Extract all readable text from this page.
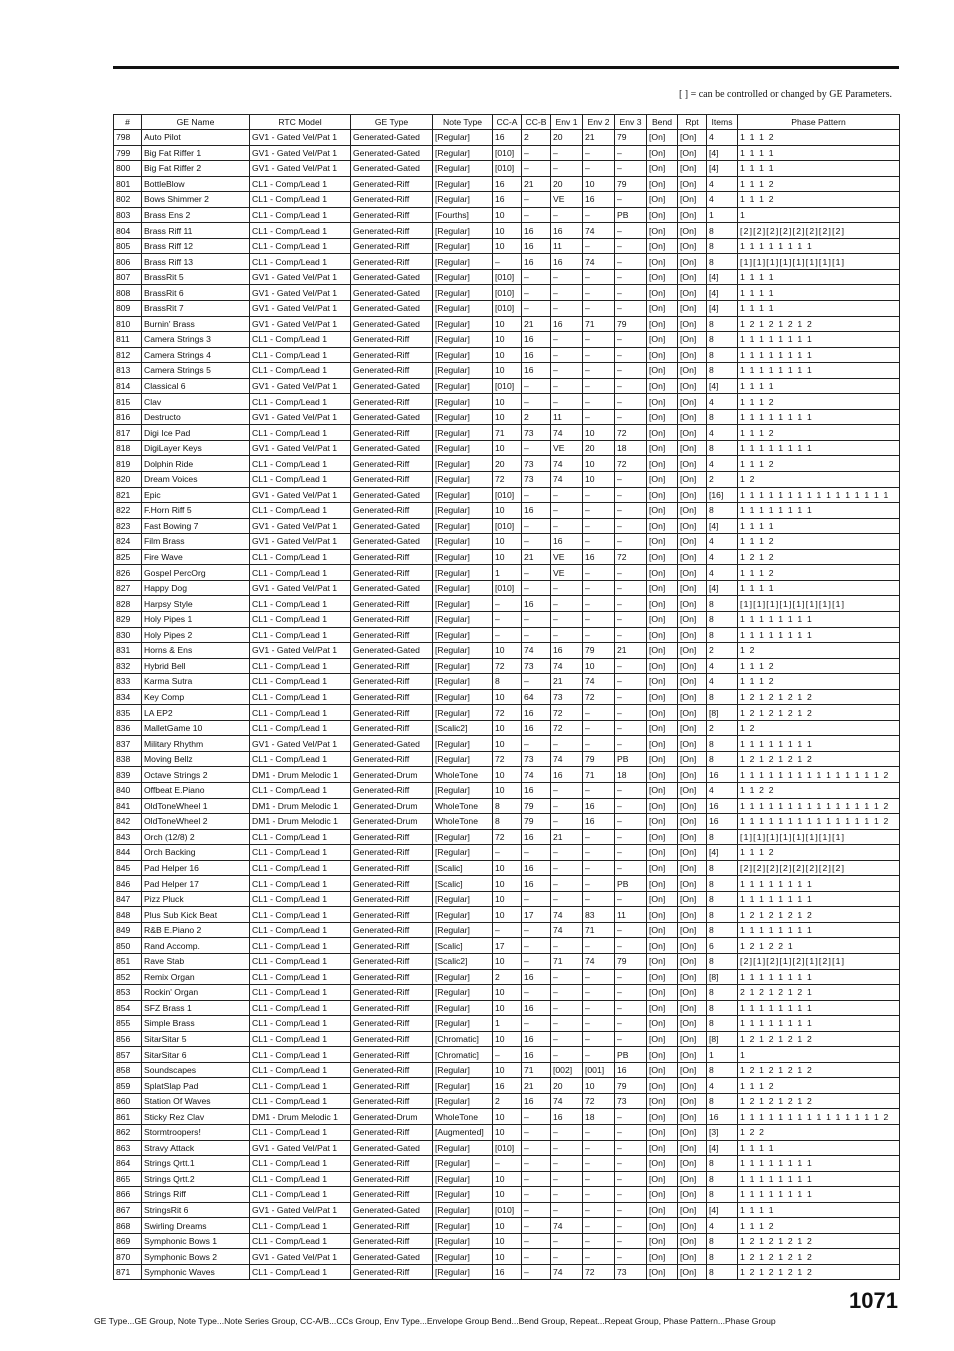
[ ] = can be controlled or changed by GE Parameters.
#	GE Name	RTC Model	GE Type	Note Type	CC-A	CC-B	Env 1	Env 2	Env 3	Bend	Rpt	Items	Phase Pattern
798	Auto Pilot	GV1 - Gated Vel/Pat 1	Generated-Gated	[Regular]	16	2	20	21	79	[On]	[On]	4	1 1 1 2
799	Big Fat Riffer 1	GV1 - Gated Vel/Pat 1	Generated-Gated	[Regular]	[010]	–	–	–	–	[On]	[On]	[4]	1 1 1 1
800	Big Fat Riffer 2	GV1 - Gated Vel/Pat 1	Generated-Gated	[Regular]	[010]	–	–	–	–	[On]	[On]	[4]	1 1 1 1
801	BottleBlow	CL1 - Comp/Lead 1	Generated-Riff	[Regular]	16	21	20	10	79	[On]	[On]	4	1 1 1 2
802	Bows Shimmer 2	CL1 - Comp/Lead 1	Generated-Riff	[Regular]	16	–	VE	16	–	[On]	[On]	4	1 1 1 2
803	Brass Ens 2	CL1 - Comp/Lead 1	Generated-Riff	[Fourths]	10	–	–	–	PB	[On]	[On]	1	1
804	Brass Riff 11	CL1 - Comp/Lead 1	Generated-Riff	[Regular]	10	16	16	74	–	[On]	[On]	8	[2][2][2][2][2][2][2][2]
805	Brass Riff 12	CL1 - Comp/Lead 1	Generated-Riff	[Regular]	10	16	11	–	–	[On]	[On]	8	1 1 1 1 1 1 1 1
806	Brass Riff 13	CL1 - Comp/Lead 1	Generated-Riff	[Regular]	–	16	16	74	–	[On]	[On]	8	[1][1][1][1][1][1][1][1]
807	BrassRit 5	GV1 - Gated Vel/Pat 1	Generated-Gated	[Regular]	[010]	–	–	–	–	[On]	[On]	[4]	1 1 1 1
808	BrassRit 6	GV1 - Gated Vel/Pat 1	Generated-Gated	[Regular]	[010]	–	–	–	–	[On]	[On]	[4]	1 1 1 1
809	BrassRit 7	GV1 - Gated Vel/Pat 1	Generated-Gated	[Regular]	[010]	–	–	–	–	[On]	[On]	[4]	1 1 1 1
810	Burnin' Brass	GV1 - Gated Vel/Pat 1	Generated-Gated	[Regular]	10	21	16	71	79	[On]	[On]	8	1 2 1 2 1 2 1 2
811	Camera Strings 3	CL1 - Comp/Lead 1	Generated-Riff	[Regular]	10	16	–	–	–	[On]	[On]	8	1 1 1 1 1 1 1 1
812	Camera Strings 4	CL1 - Comp/Lead 1	Generated-Riff	[Regular]	10	16	–	–	–	[On]	[On]	8	1 1 1 1 1 1 1 1
813	Camera Strings 5	CL1 - Comp/Lead 1	Generated-Riff	[Regular]	10	16	–	–	–	[On]	[On]	8	1 1 1 1 1 1 1 1
814	Classical 6	GV1 - Gated Vel/Pat 1	Generated-Gated	[Regular]	[010]	–	–	–	–	[On]	[On]	[4]	1 1 1 1
815	Clav	CL1 - Comp/Lead 1	Generated-Riff	[Regular]	10	–	–	–	–	[On]	[On]	4	1 1 1 2
816	Destructo	GV1 - Gated Vel/Pat 1	Generated-Gated	[Regular]	10	2	11	–	–	[On]	[On]	8	1 1 1 1 1 1 1 1
817	Digi Ice Pad	CL1 - Comp/Lead 1	Generated-Riff	[Regular]	71	73	74	10	72	[On]	[On]	4	1 1 1 2
818	DigiLayer Keys	GV1 - Gated Vel/Pat 1	Generated-Gated	[Regular]	10	–	VE	20	18	[On]	[On]	8	1 1 1 1 1 1 1 1
819	Dolphin Ride	CL1 - Comp/Lead 1	Generated-Riff	[Regular]	20	73	74	10	72	[On]	[On]	4	1 1 1 2
820	Dream Voices	CL1 - Comp/Lead 1	Generated-Riff	[Regular]	72	73	74	10	–	[On]	[On]	2	1 2
821	Epic	GV1 - Gated Vel/Pat 1	Generated-Gated	[Regular]	[010]	–	–	–	–	[On]	[On]	[16]	1 1 1 1 1 1 1 1 1 1 1 1 1 1 1 1
822	F.Horn Riff 5	CL1 - Comp/Lead 1	Generated-Riff	[Regular]	10	16	–	–	–	[On]	[On]	8	1 1 1 1 1 1 1 1
823	Fast Bowing 7	GV1 - Gated Vel/Pat 1	Generated-Gated	[Regular]	[010]	–	–	–	–	[On]	[On]	[4]	1 1 1 1
824	Film Brass	GV1 - Gated Vel/Pat 1	Generated-Gated	[Regular]	10	–	16	–	–	[On]	[On]	4	1 1 1 2
825	Fire Wave	CL1 - Comp/Lead 1	Generated-Riff	[Regular]	10	21	VE	16	72	[On]	[On]	4	1 2 1 2
826	Gospel PercOrg	CL1 - Comp/Lead 1	Generated-Riff	[Regular]	1	–	VE	–	–	[On]	[On]	4	1 1 1 2
827	Happy Dog	GV1 - Gated Vel/Pat 1	Generated-Gated	[Regular]	[010]	–	–	–	–	[On]	[On]	[4]	1 1 1 1
828	Harpsy Style	CL1 - Comp/Lead 1	Generated-Riff	[Regular]	–	16	–	–	–	[On]	[On]	8	[1][1][1][1][1][1][1][1]
829	Holy Pipes 1	CL1 - Comp/Lead 1	Generated-Riff	[Regular]	–	–	–	–	–	[On]	[On]	8	1 1 1 1 1 1 1 1
830	Holy Pipes 2	CL1 - Comp/Lead 1	Generated-Riff	[Regular]	–	–	–	–	–	[On]	[On]	8	1 1 1 1 1 1 1 1
831	Horns & Ens	GV1 - Gated Vel/Pat 1	Generated-Gated	[Regular]	10	74	16	79	21	[On]	[On]	2	1 2
832	Hybrid Bell	CL1 - Comp/Lead 1	Generated-Riff	[Regular]	72	73	74	10	–	[On]	[On]	4	1 1 1 2
833	Karma Sutra	CL1 - Comp/Lead 1	Generated-Riff	[Regular]	8	–	21	74	–	[On]	[On]	4	1 1 1 2
834	Key Comp	CL1 - Comp/Lead 1	Generated-Riff	[Regular]	10	64	73	72	–	[On]	[On]	8	1 2 1 2 1 2 1 2
835	LA EP2	CL1 - Comp/Lead 1	Generated-Riff	[Regular]	72	16	72	–	–	[On]	[On]	[8]	1 2 1 2 1 2 1 2
836	MalletGame 10	CL1 - Comp/Lead 1	Generated-Riff	[Scalic2]	10	16	72	–	–	[On]	[On]	2	1 2
837	Military Rhythm	GV1 - Gated Vel/Pat 1	Generated-Gated	[Regular]	10	–	–	–	–	[On]	[On]	8	1 1 1 1 1 1 1 1
838	Moving Bellz	CL1 - Comp/Lead 1	Generated-Riff	[Regular]	72	73	74	79	PB	[On]	[On]	8	1 2 1 2 1 2 1 2
839	Octave Strings 2	DM1 - Drum Melodic 1	Generated-Drum	WholeTone	10	74	16	71	18	[On]	[On]	16	1 1 1 1 1 1 1 1 1 1 1 1 1 1 1 2
840	Offbeat E.Piano	CL1 - Comp/Lead 1	Generated-Riff	[Regular]	10	16	–	–	–	[On]	[On]	4	1 1 2 2
841	OldToneWheel 1	DM1 - Drum Melodic 1	Generated-Drum	WholeTone	8	79	–	16	–	[On]	[On]	16	1 1 1 1 1 1 1 1 1 1 1 1 1 1 1 2
842	OldToneWheel 2	DM1 - Drum Melodic 1	Generated-Drum	WholeTone	8	79	–	16	–	[On]	[On]	16	1 1 1 1 1 1 1 1 1 1 1 1 1 1 1 2
843	Orch (12/8) 2	CL1 - Comp/Lead 1	Generated-Riff	[Regular]	72	16	21	–	–	[On]	[On]	8	[1][1][1][1][1][1][1][1]
844	Orch Backing	CL1 - Comp/Lead 1	Generated-Riff	[Regular]	–	–	–	–	–	[On]	[On]	[4]	1 1 1 2
845	Pad Helper 16	CL1 - Comp/Lead 1	Generated-Riff	[Scalic]	10	16	–	–	–	[On]	[On]	8	[2][2][2][2][2][2][2][2]
846	Pad Helper 17	CL1 - Comp/Lead 1	Generated-Riff	[Scalic]	10	16	–	–	PB	[On]	[On]	8	1 1 1 1 1 1 1 1
847	Pizz Pluck	CL1 - Comp/Lead 1	Generated-Riff	[Regular]	10	–	–	–	–	[On]	[On]	8	1 1 1 1 1 1 1 1
848	Plus Sub Kick Beat	CL1 - Comp/Lead 1	Generated-Riff	[Regular]	10	17	74	83	11	[On]	[On]	8	1 2 1 2 1 2 1 2
849	R&B E.Piano 2	CL1 - Comp/Lead 1	Generated-Riff	[Regular]	–	–	74	71	–	[On]	[On]	8	1 1 1 1 1 1 1 1
850	Rand Accomp.	CL1 - Comp/Lead 1	Generated-Riff	[Scalic]	17	–	–	–	–	[On]	[On]	6	1 2 1 2 2 1
851	Rave Stab	CL1 - Comp/Lead 1	Generated-Riff	[Scalic2]	10	–	71	74	79	[On]	[On]	8	[2][1][2][1][2][1][2][1]
852	Remix Organ	CL1 - Comp/Lead 1	Generated-Riff	[Regular]	2	16	–	–	–	[On]	[On]	[8]	1 1 1 1 1 1 1 1
853	Rockin' Organ	CL1 - Comp/Lead 1	Generated-Riff	[Regular]	10	–	–	–	–	[On]	[On]	8	2 1 2 1 2 1 2 1
854	SFZ Brass 1	CL1 - Comp/Lead 1	Generated-Riff	[Regular]	10	16	–	–	–	[On]	[On]	8	1 1 1 1 1 1 1 1
855	Simple Brass	CL1 - Comp/Lead 1	Generated-Riff	[Regular]	1	–	–	–	–	[On]	[On]	8	1 1 1 1 1 1 1 1
856	SitarSitar 5	CL1 - Comp/Lead 1	Generated-Riff	[Chromatic]	10	16	–	–	–	[On]	[On]	[8]	1 2 1 2 1 2 1 2
857	SitarSitar 6	CL1 - Comp/Lead 1	Generated-Riff	[Chromatic]	–	16	–	–	PB	[On]	[On]	1	1
858	Soundscapes	CL1 - Comp/Lead 1	Generated-Riff	[Regular]	10	71	[002]	[001]	16	[On]	[On]	8	1 2 1 2 1 2 1 2
859	SplatSlap Pad	CL1 - Comp/Lead 1	Generated-Riff	[Regular]	16	21	20	10	79	[On]	[On]	4	1 1 1 2
860	Station Of Waves	CL1 - Comp/Lead 1	Generated-Riff	[Regular]	2	16	74	72	73	[On]	[On]	8	1 2 1 2 1 2 1 2
861	Sticky Rez Clav	DM1 - Drum Melodic 1	Generated-Drum	WholeTone	10	–	16	18	–	[On]	[On]	16	1 1 1 1 1 1 1 1 1 1 1 1 1 1 1 2
862	Stormtroopers!	CL1 - Comp/Lead 1	Generated-Riff	[Augmented]	10	–	–	–	–	[On]	[On]	[3]	1 2 2
863	Stravy Attack	GV1 - Gated Vel/Pat 1	Generated-Gated	[Regular]	[010]	–	–	–	–	[On]	[On]	[4]	1 1 1 1
864	Strings Qrtt.1	CL1 - Comp/Lead 1	Generated-Riff	[Regular]	–	–	–	–	–	[On]	[On]	8	1 1 1 1 1 1 1 1
865	Strings Qrtt.2	CL1 - Comp/Lead 1	Generated-Riff	[Regular]	10	–	–	–	–	[On]	[On]	8	1 1 1 1 1 1 1 1
866	Strings Riff	CL1 - Comp/Lead 1	Generated-Riff	[Regular]	10	–	–	–	–	[On]	[On]	8	1 1 1 1 1 1 1 1
867	StringsRit 6	GV1 - Gated Vel/Pat 1	Generated-Gated	[Regular]	[010]	–	–	–	–	[On]	[On]	[4]	1 1 1 1
868	Swirling Dreams	CL1 - Comp/Lead 1	Generated-Riff	[Regular]	10	–	74	–	–	[On]	[On]	4	1 1 1 2
869	Symphonic Bows 1	CL1 - Comp/Lead 1	Generated-Riff	[Regular]	10	–	–	–	–	[On]	[On]	8	1 2 1 2 1 2 1 2
870	Symphonic Bows 2	GV1 - Gated Vel/Pat 1	Generated-Gated	[Regular]	10	–	–	–	–	[On]	[On]	8	1 2 1 2 1 2 1 2
871	Symphonic Waves	CL1 - Comp/Lead 1	Generated-Riff	[Regular]	16	–	74	72	73	[On]	[On]	8	1 2 1 2 1 2 1 2
1071
GE Type...GE Group, Note Type...Note Series Group, CC-A/B...CCs Group, Env Type...Envelope Group Bend...Bend Group, Repeat...Repeat Group, Phase Pattern...Phase Group
